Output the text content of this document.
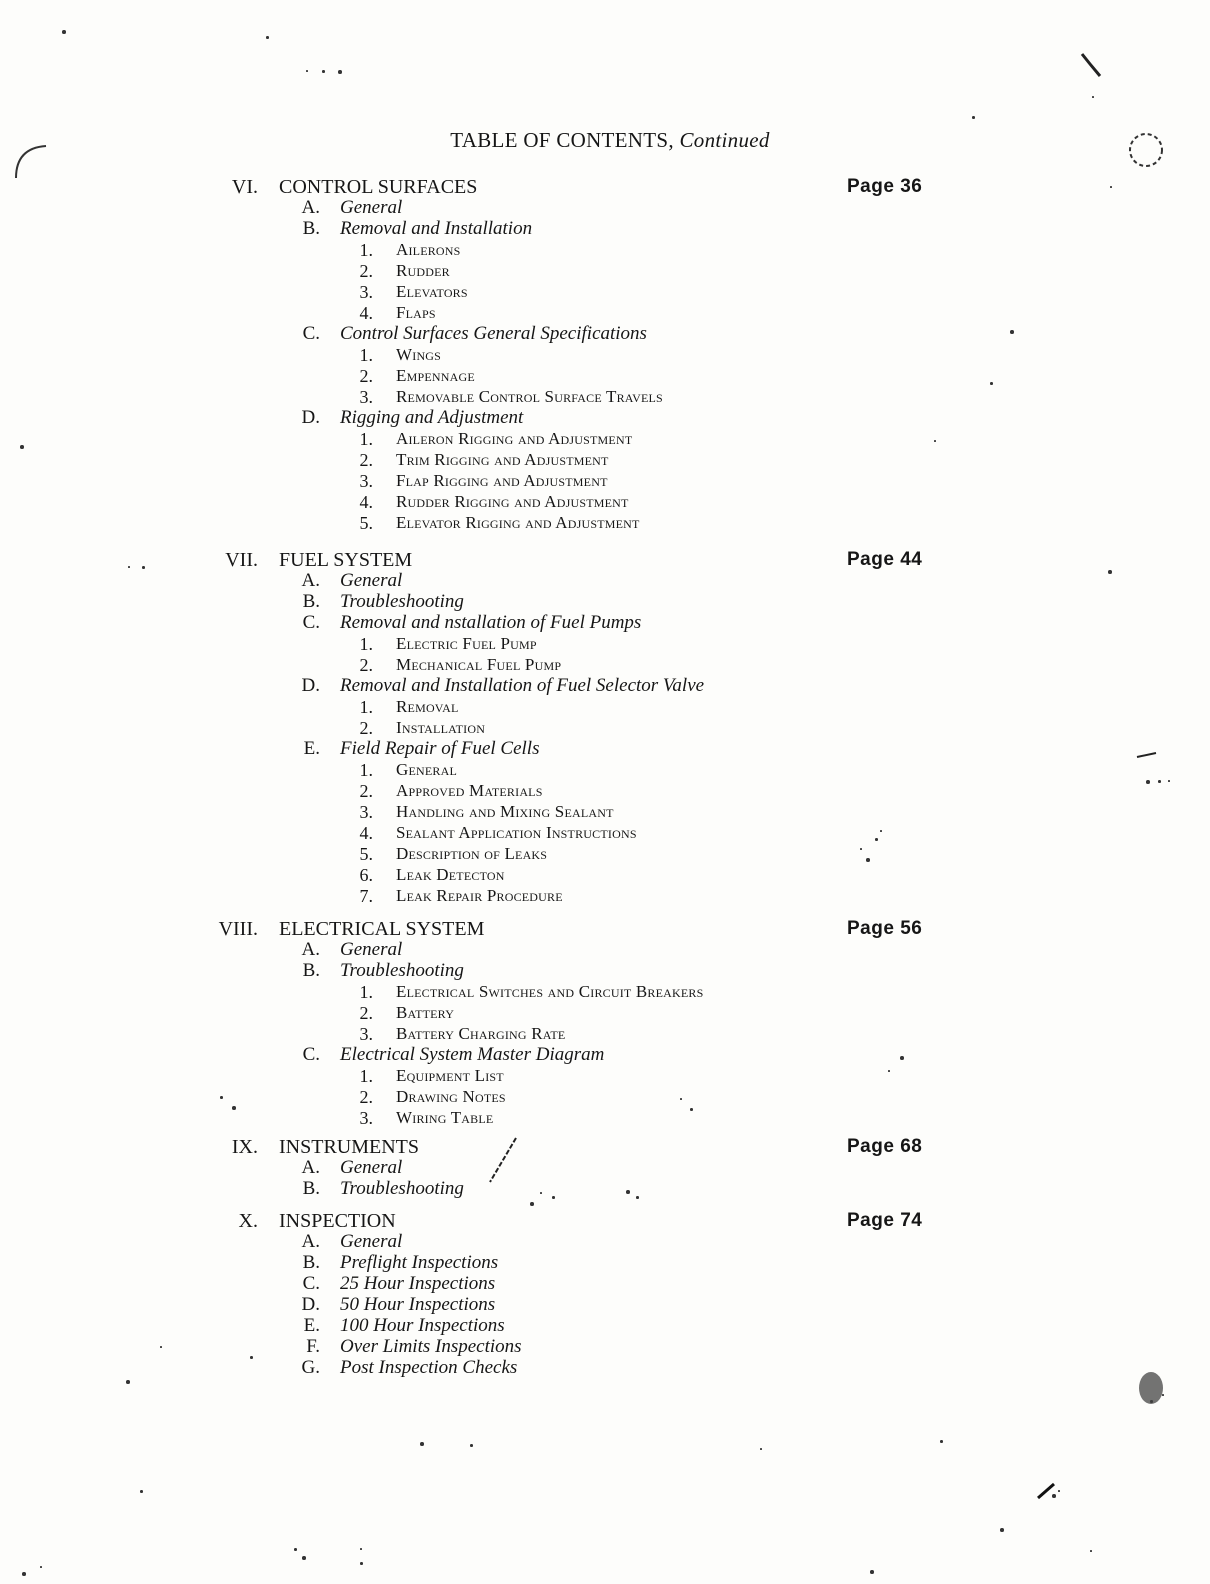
TABLE OF CONTENTS, Continued
VI. CONTROL SURFACES	Page 36
A. General
B. Removal and Installation
1. Ailerons
2. Rudder
3. Elevators
4. Flaps
C. Control Surfaces General Specifications
1. Wings
2. Empennage
3. Removable Control Surface Travels
D. Rigging and Adjustment
1. Aileron Rigging and Adjustment
2. Trim Rigging and Adjustment
3. Flap Rigging and Adjustment
4. Rudder Rigging and Adjustment
5. Elevator Rigging and Adjustment
VII. FUEL SYSTEM	Page 44
A. General
B. Troubleshooting
C. Removal and nstallation of Fuel Pumps
1. Electric Fuel Pump
2. Mechanical Fuel Pump
D. Removal and Installation of Fuel Selector Valve
1. Removal
2. Installation
E. Field Repair of Fuel Cells
1. General
2. Approved Materials
3. Handling and Mixing Sealant
4. Sealant Application Instructions
5. Description of Leaks
6. Leak Detecton
7. Leak Repair Procedure
VIII. ELECTRICAL SYSTEM	Page 56
A. General
B. Troubleshooting
1. Electrical Switches and Circuit Breakers
2. Battery
3. Battery Charging Rate
C. Electrical System Master Diagram
1. Equipment List
2. Drawing Notes
3. Wiring Table
IX. INSTRUMENTS	Page 68
A. General
B. Troubleshooting
X. INSPECTION	Page 74
A. General
B. Preflight Inspections
C. 25 Hour Inspections
D. 50 Hour Inspections
E. 100 Hour Inspections
F. Over Limits Inspections
G. Post Inspection Checks
